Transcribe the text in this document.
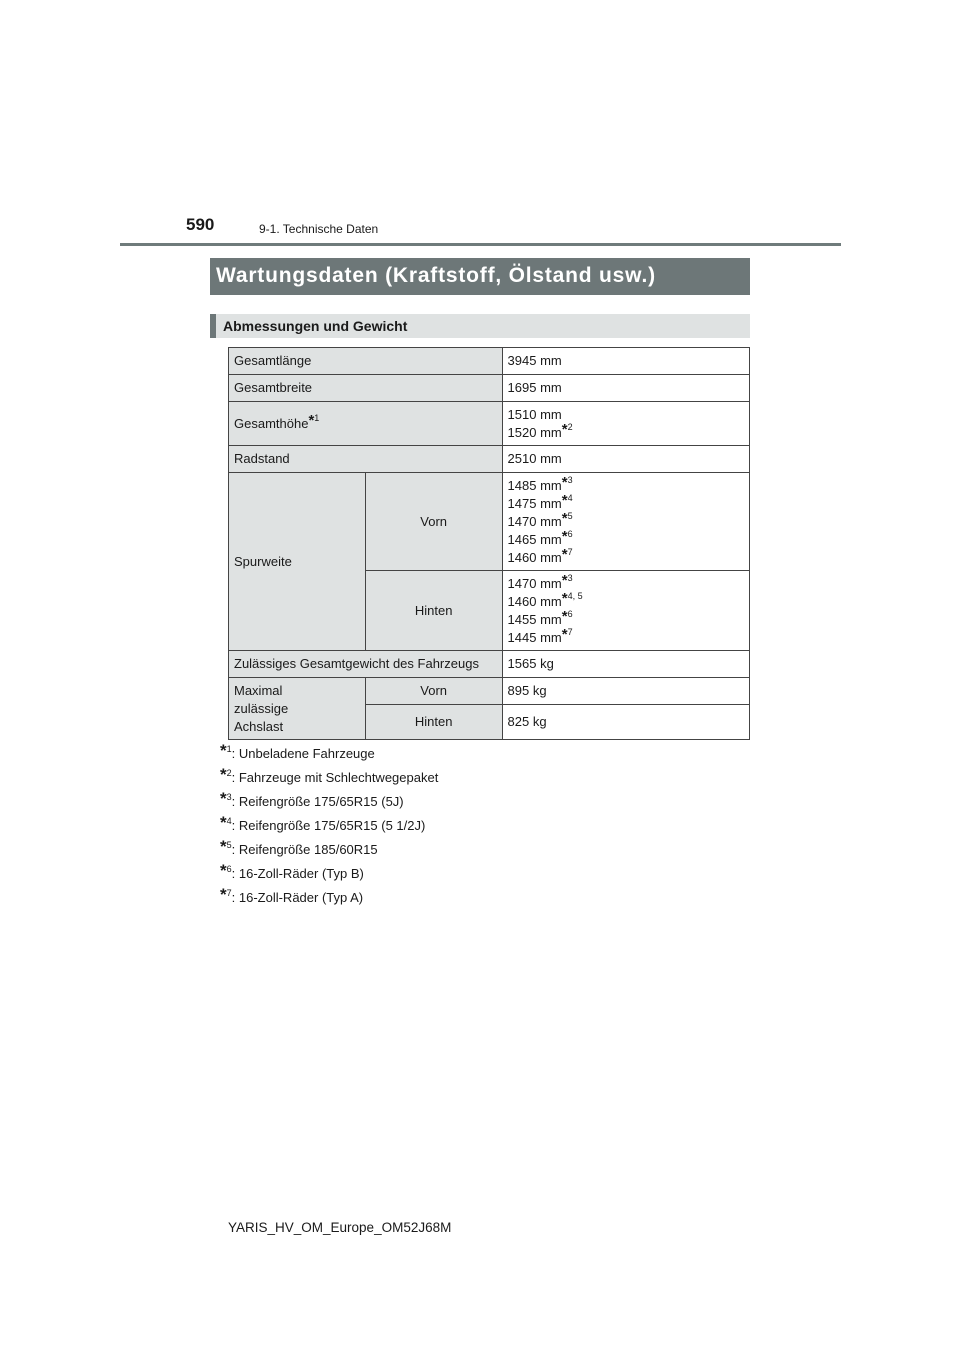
590	9-1. Technische Daten
Wartungsdaten (Kraftstoff, Ölstand usw.)
Abmessungen und Gewicht
Gesamtlänge		3945 mm
Gesamtbreite		1695 mm
Gesamthöhe*$^1$		1510 mm
1520 mm*$^2$

Radstand		2510 mm
Spurweite	Vorn	1485 mm*$^3$
1475 mm*$^4$
1470 mm*$^5$
1465 mm*$^6$
1460 mm*$^7$

	Hinten	1470 mm*$^3$
1460 mm*$^{4, 5}$
1455 mm*$^6$
1445 mm*$^7$

Zulässiges Gesamtgewicht des Fahrzeugs		1565 kg

Maximal
zulässige
Achslast	Vorn	895 kg
	Hinten	825 kg
*$^1$: Unbeladene Fahrzeuge
*$^2$: Fahrzeuge mit Schlechtwegepaket
*$^3$: Reifengröße 175/65R15 (5J)
*$^4$: Reifengröße 175/65R15 (5 1/2J)
*$^5$: Reifengröße 185/60R15
*$^6$: 16-Zoll-Räder (Typ B)
*$^7$: 16-Zoll-Räder (Typ A)
YARIS_HV_OM_Europe_OM52J68M
